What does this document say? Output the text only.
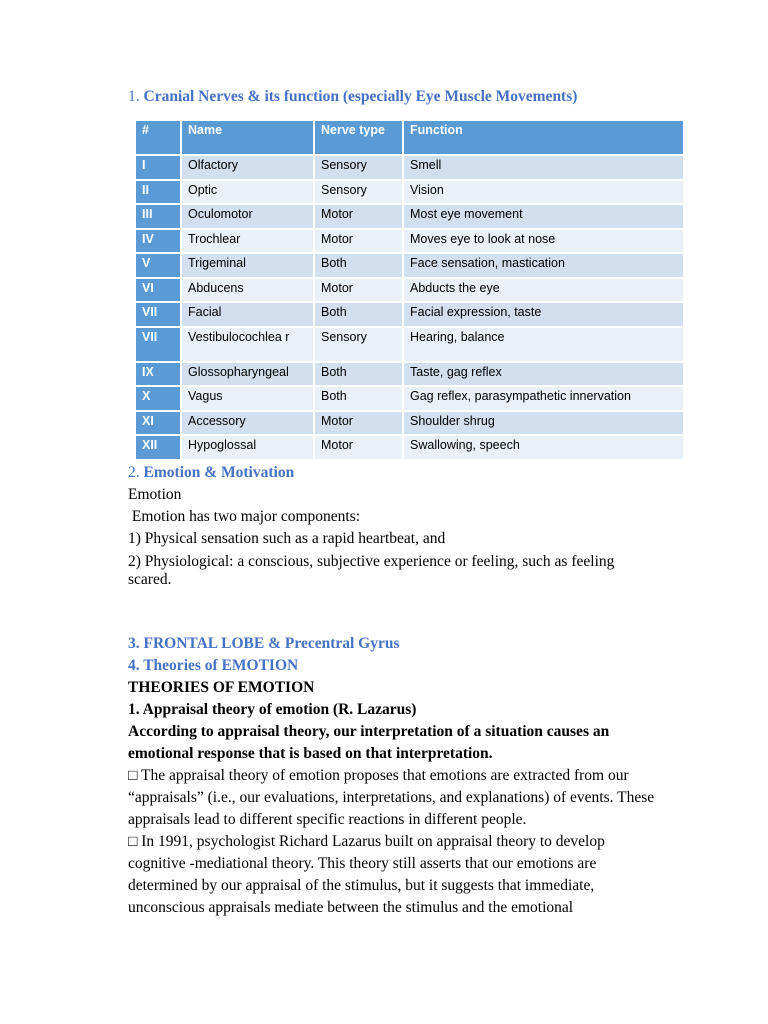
1. Cranial Nerves & its function (especially Eye Muscle Movements)
#	Name	Nerve type	Function
I	Olfactory	Sensory	Smell
II	Optic	Sensory	Vision
III	Oculomotor	Motor	Most eye movement
IV	Trochlear	Motor	Moves eye to look at nose
V	Trigeminal	Both	Face sensation, mastication
VI	Abducens	Motor	Abducts the eye
VII	Facial	Both	Facial expression, taste
VII	Vestibulocochlea r	Sensory	Hearing, balance
IX	Glossopharyngeal	Both	Taste, gag reflex
X	Vagus	Both	Gag reflex, parasympathetic innervation
XI	Accessory	Motor	Shoulder shrug
XII	Hypoglossal	Motor	Swallowing, speech
2. Emotion & Motivation
Emotion
Emotion has two major components:
1) Physical sensation such as a rapid heartbeat, and
2) Physiological: a conscious, subjective experience or feeling, such as feeling scared.
3. FRONTAL LOBE & Precentral Gyrus
4. Theories of EMOTION
THEORIES OF EMOTION
1. Appraisal theory of emotion (R. Lazarus)
According to appraisal theory, our interpretation of a situation causes an emotional response that is based on that interpretation.
□ The appraisal theory of emotion proposes that emotions are extracted from our “appraisals” (i.e., our evaluations, interpretations, and explanations) of events. These appraisals lead to different specific reactions in different people.
□ In 1991, psychologist Richard Lazarus built on appraisal theory to develop cognitive -mediational theory. This theory still asserts that our emotions are determined by our appraisal of the stimulus, but it suggests that immediate, unconscious appraisals mediate between the stimulus and the emotional
